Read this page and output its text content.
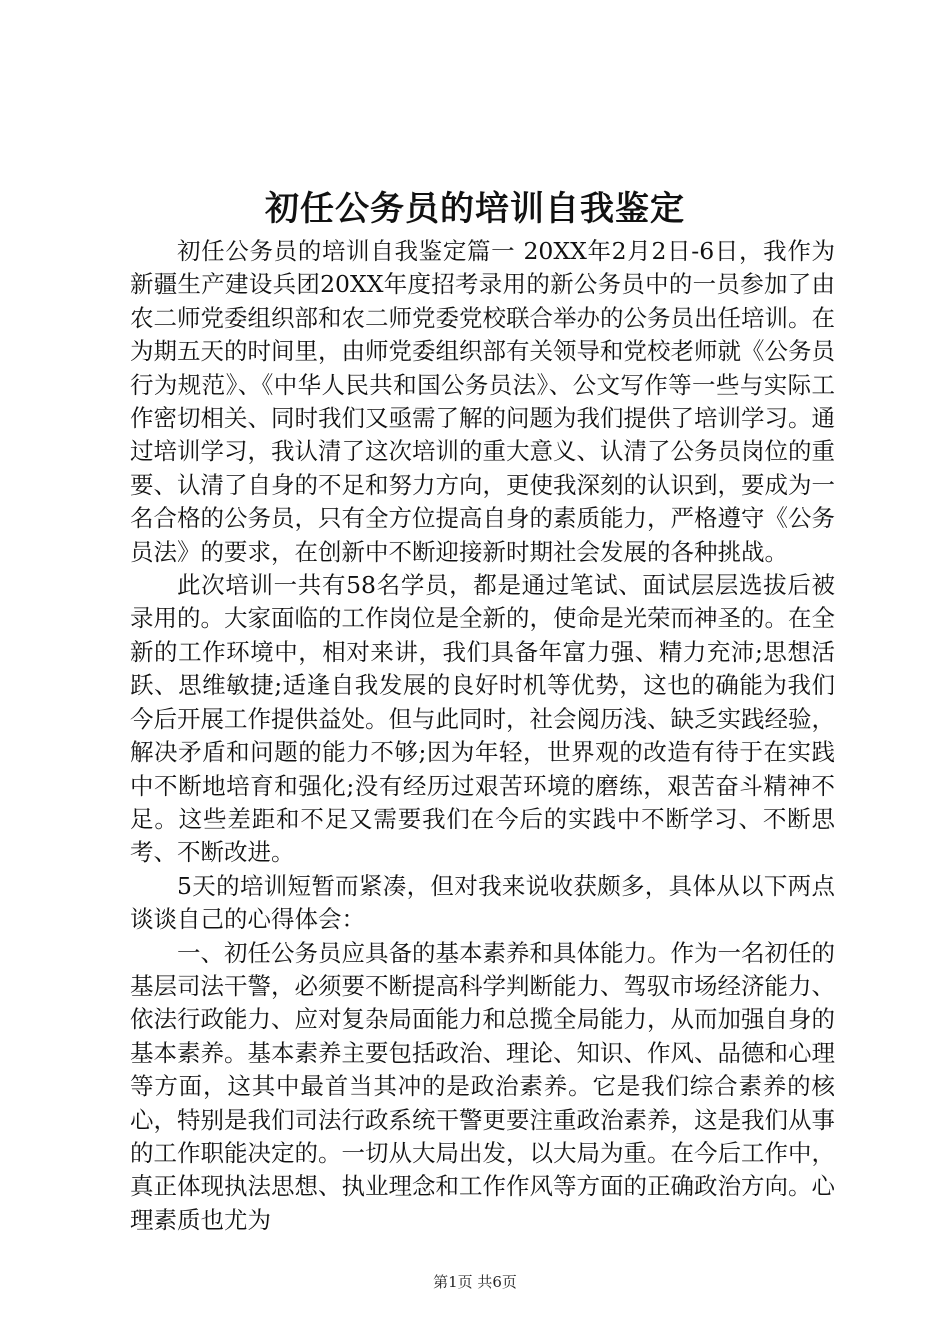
初任公务员的培训自我鉴定

初任公务员的培训自我鉴定篇一 20XX年2月2日-6日，我作为新疆生产建设兵团20XX年度招考录用的新公务员中的一员参加了由农二师党委组织部和农二师党委党校联合举办的公务员出任培训。在为期五天的时间里，由师党委组织部有关领导和党校老师就《公务员行为规范》、《中华人民共和国公务员法》、公文写作等一些与实际工作密切相关、同时我们又亟需了解的问题为我们提供了培训学习。通过培训学习，我认清了这次培训的重大意义、认清了公务员岗位的重要、认清了自身的不足和努力方向，更使我深刻的认识到，要成为一名合格的公务员，只有全方位提高自身的素质能力，严格遵守《公务员法》的要求，在创新中不断迎接新时期社会发展的各种挑战。

此次培训一共有58名学员，都是通过笔试、面试层层选拔后被录用的。大家面临的工作岗位是全新的，使命是光荣而神圣的。在全新的工作环境中，相对来讲，我们具备年富力强、精力充沛;思想活跃、思维敏捷;适逢自我发展的良好时机等优势，这也的确能为我们今后开展工作提供益处。但与此同时，社会阅历浅、缺乏实践经验，解决矛盾和问题的能力不够;因为年轻，世界观的改造有待于在实践中不断地培育和强化;没有经历过艰苦环境的磨练，艰苦奋斗精神不足。这些差距和不足又需要我们在今后的实践中不断学习、不断思考、不断改进。

5天的培训短暂而紧凑，但对我来说收获颇多，具体从以下两点谈谈自己的心得体会：

一、初任公务员应具备的基本素养和具体能力。作为一名初任的基层司法干警，必须要不断提高科学判断能力、驾驭市场经济能力、依法行政能力、应对复杂局面能力和总揽全局能力，从而加强自身的基本素养。基本素养主要包括政治、理论、知识、作风、品德和心理等方面，这其中最首当其冲的是政治素养。它是我们综合素养的核心，特别是我们司法行政系统干警更要注重政治素养，这是我们从事的工作职能决定的。一切从大局出发，以大局为重。在今后工作中，真正体现执法思想、执业理念和工作作风等方面的正确政治方向。心理素质也尤为

第1页 共6页
